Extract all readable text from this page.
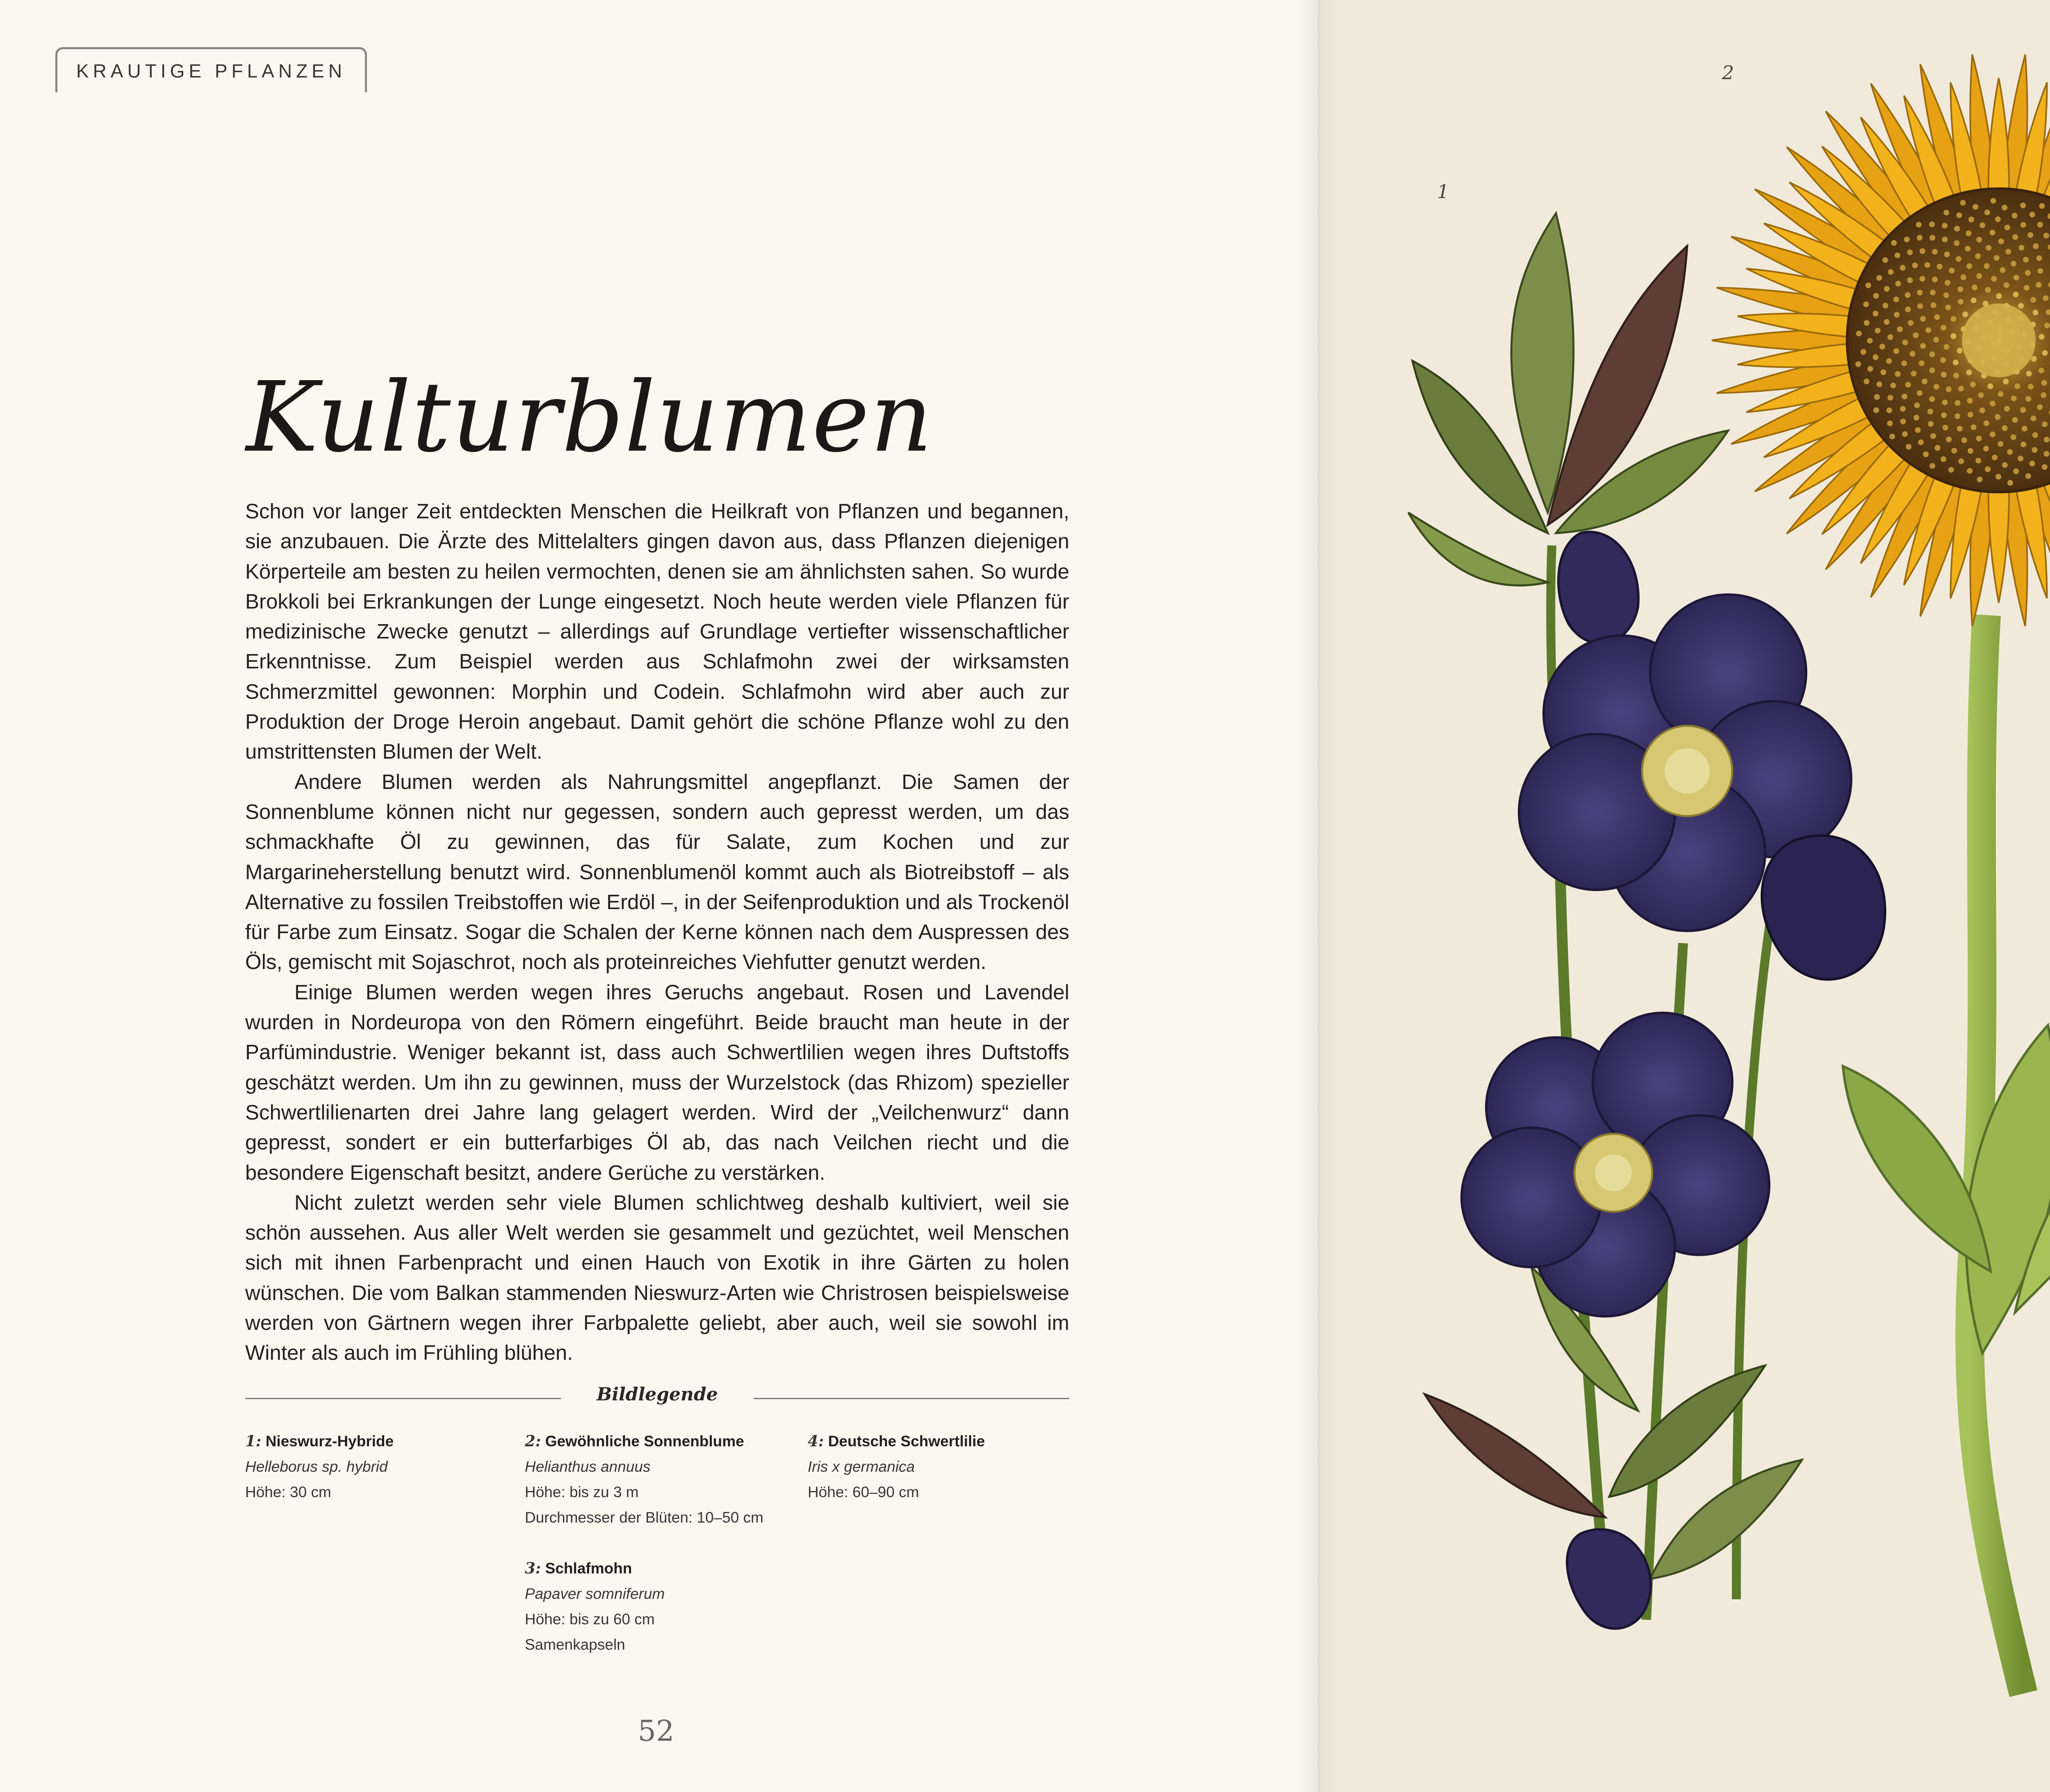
KRAUTIGE PFLANZEN
Kulturblumen

Schon vor langer Zeit entdeckten Menschen die Heilkraft von Pflanzen und begannen, sie anzubauen. Die Ärzte des Mittelalters gingen davon aus, dass Pflanzen diejenigen Körperteile am besten zu heilen vermochten, denen sie am ähnlichsten sahen. So wurde Brokkoli bei Erkrankungen der Lunge eingesetzt. Noch heute werden viele Pflanzen für medizinische Zwecke genutzt – allerdings auf Grundlage vertiefter wissenschaftlicher Erkenntnisse. Zum Beispiel werden aus Schlafmohn zwei der wirksamsten Schmerzmittel gewonnen: Morphin und Codein. Schlafmohn wird aber auch zur Produktion der Droge Heroin angebaut. Damit gehört die schöne Pflanze wohl zu den umstrittensten Blumen der Welt.

Andere Blumen werden als Nahrungsmittel angepflanzt. Die Samen der Sonnenblume können nicht nur gegessen, sondern auch gepresst werden, um das schmackhafte Öl zu gewinnen, das für Salate, zum Kochen und zur Margarineherstellung benutzt wird. Sonnenblumenöl kommt auch als Biotreibstoff – als Alternative zu fossilen Treibstoffen wie Erdöl –, in der Seifenproduktion und als Trockenöl für Farbe zum Einsatz. Sogar die Schalen der Kerne können nach dem Auspressen des Öls, gemischt mit Sojaschrot, noch als proteinreiches Viehfutter genutzt werden.

Einige Blumen werden wegen ihres Geruchs angebaut. Rosen und Lavendel wurden in Nordeuropa von den Römern eingeführt. Beide braucht man heute in der Parfümindustrie. Weniger bekannt ist, dass auch Schwertlilien wegen ihres Duftstoffs geschätzt werden. Um ihn zu gewinnen, muss der Wurzelstock (das Rhizom) spezieller Schwertlilienarten drei Jahre lang gelagert werden. Wird der „Veilchenwurz“ dann gepresst, sondert er ein butterfarbiges Öl ab, das nach Veilchen riecht und die besondere Eigenschaft besitzt, andere Gerüche zu verstärken.

Nicht zuletzt werden sehr viele Blumen schlichtweg deshalb kultiviert, weil sie schön aussehen. Aus aller Welt werden sie gesammelt und gezüchtet, weil Menschen sich mit ihnen Farbenpracht und einen Hauch von Exotik in ihre Gärten zu holen wünschen. Die vom Balkan stammenden Nieswurz-Arten wie Christrosen beispielsweise werden von Gärtnern wegen ihrer Farbpalette geliebt, aber auch, weil sie sowohl im Winter als auch im Frühling blühen.

Bildlegende
1: Nieswurz-Hybride
Helleborus sp. hybrid
Höhe: 30 cm
2: Gewöhnliche Sonnenblume
Helianthus annuus
Höhe: bis zu 3 m
Durchmesser der Blüten: 10–50 cm
3: Schlafmohn
Papaver somniferum
Höhe: bis zu 60 cm
Samenkapseln
4: Deutsche Schwertlilie
Iris x germanica
Höhe: 60–90 cm
52
1
2
